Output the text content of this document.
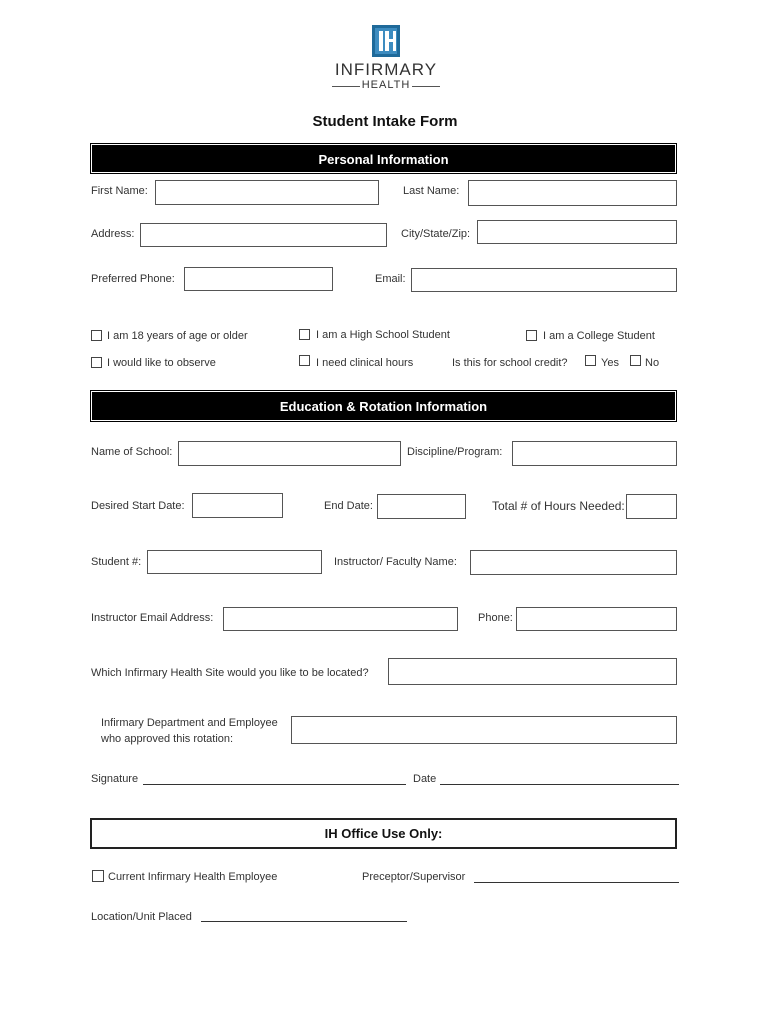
INFIRMARY
HEALTH
Student Intake Form
Personal Information
First Name:	Last Name:
Address:	City/State/Zip:
Preferred Phone:	Email:
I am 18 years of age or older	I am a High School Student	I am a College Student
I would like to observe	I need clinical hours	Is this for school credit?	Yes No
Education & Rotation Information
Name of School:	Discipline/Program:
Desired Start Date:	End Date:	Total # of Hours Needed:
Student #:	Instructor/ Faculty Name:
Instructor Email Address:	Phone:
Which Infirmary Health Site would you like to be located?
Infirmary Department and Employee
who approved this rotation:
Signature	Date
IH Office Use Only:
Current Infirmary Health Employee	Preceptor/Supervisor
Location/Unit Placed
